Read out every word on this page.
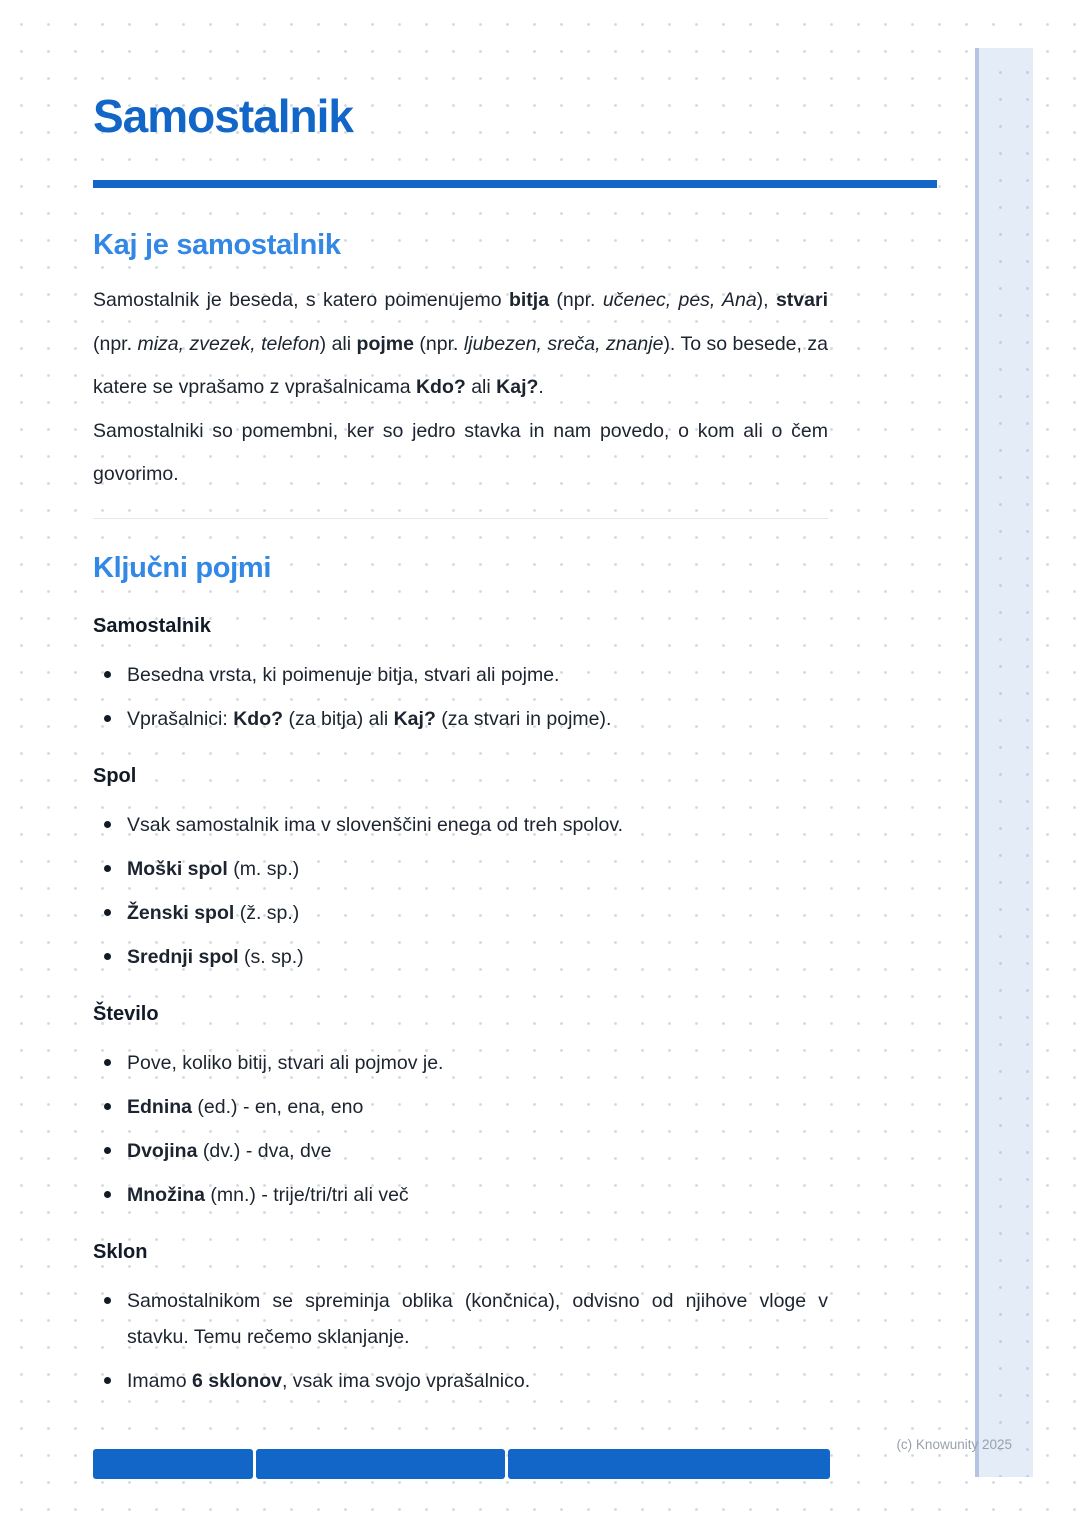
Samostalnik
Kaj je samostalnik

Samostalnik je beseda, s katero poimenujemo bitja (npr. učenec, pes, Ana), stvari (npr. miza, zvezek, telefon) ali pojme (npr. ljubezen, sreča, znanje). To so besede, za katere se vprašamo z vprašalnicama Kdo? ali Kaj?.

Samostalniki so pomembni, ker so jedro stavka in nam povedo, o kom ali o čem govorimo.

Ključni pojmi
Samostalnik
Besedna vrsta, ki poimenuje bitja, stvari ali pojme.
Vprašalnici: Kdo? (za bitja) ali Kaj? (za stvari in pojme).
Spol
Vsak samostalnik ima v slovenščini enega od treh spolov.
Moški spol (m. sp.)
Ženski spol (ž. sp.)
Srednji spol (s. sp.)
Število
Pove, koliko bitij, stvari ali pojmov je.
Ednina (ed.) - en, ena, eno
Dvojina (dv.) - dva, dve
Množina (mn.) - trije/tri/tri ali več
Sklon
Samostalnikom se spreminja oblika (končnica), odvisno od njihove vloge v stavku. Temu rečemo sklanjanje.
Imamo 6 sklonov, vsak ima svojo vprašalnico.
(c) Knowunity 2025
